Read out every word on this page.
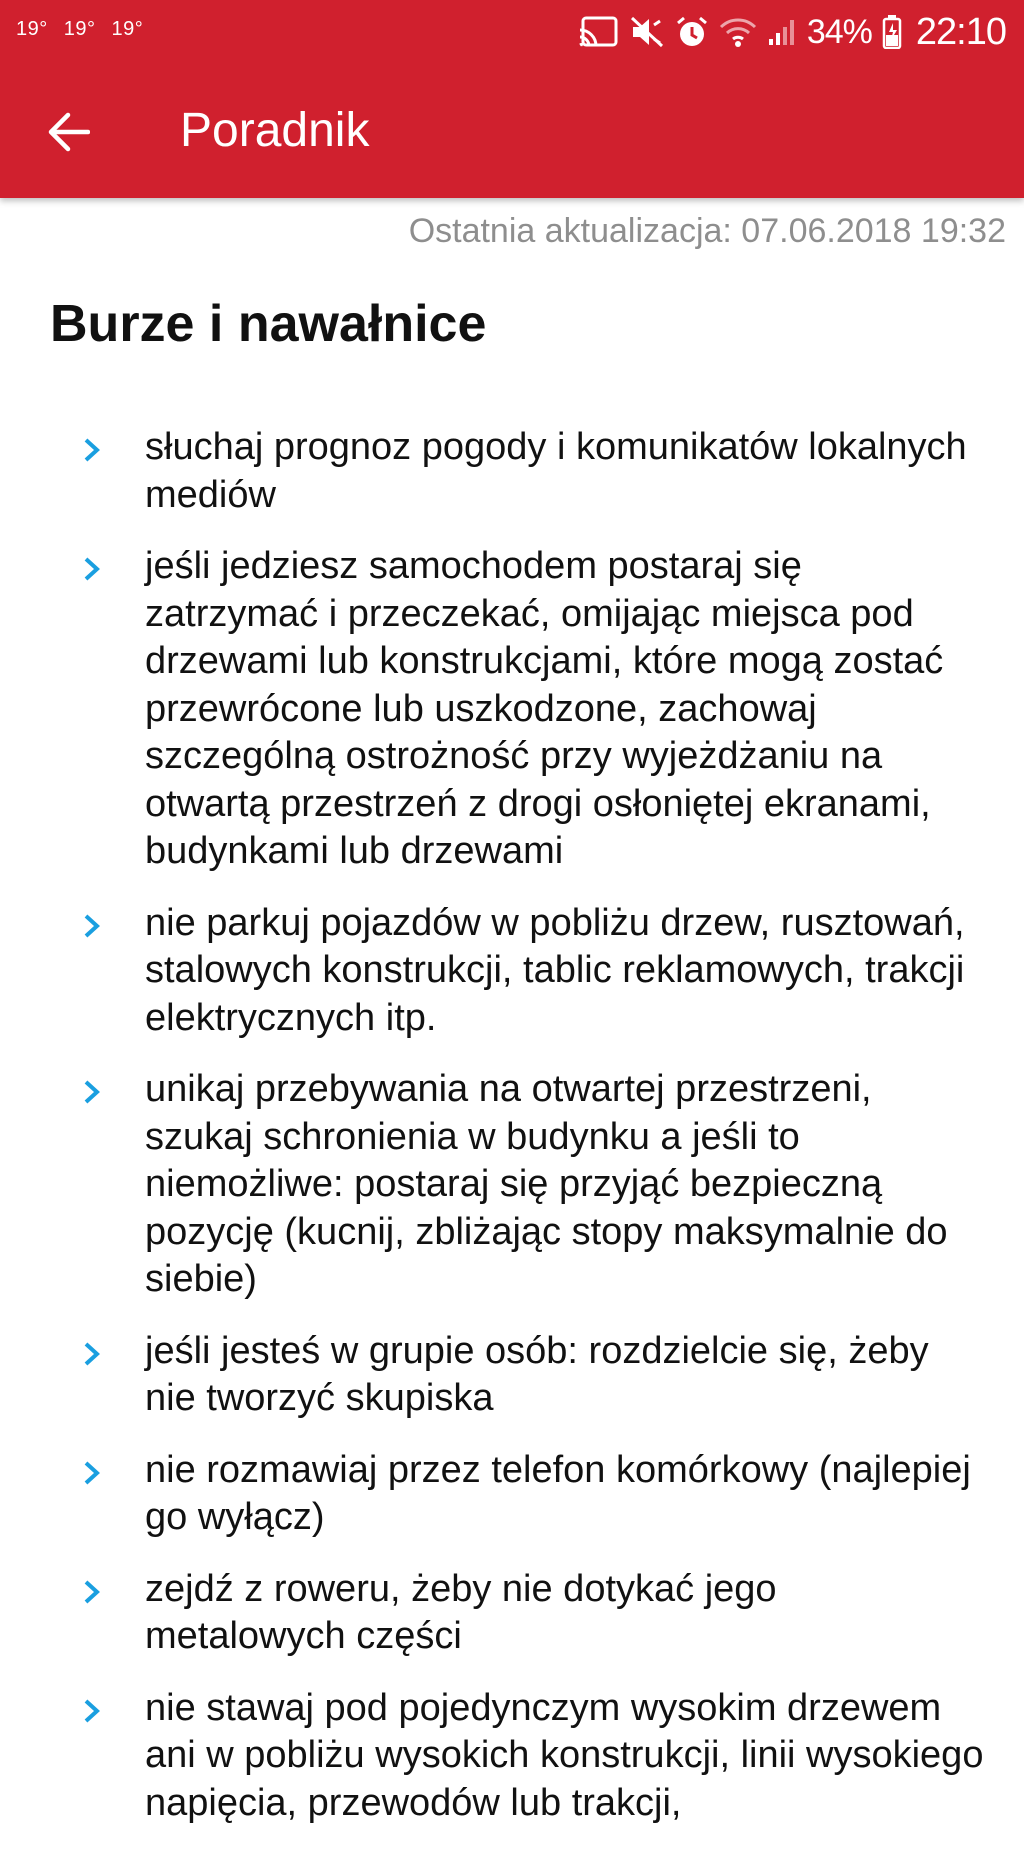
19° 19° 19°	34% 22:10
Poradnik
Ostatnia aktualizacja: 07.06.2018 19:32
Burze i nawałnice
słuchaj prognoz pogody i komunikatów lokalnych mediów
jeśli jedziesz samochodem postaraj się zatrzymać i przeczekać, omijając miejsca pod drzewami lub konstrukcjami, które mogą zostać przewrócone lub uszkodzone, zachowaj szczególną ostrożność przy wyjeżdżaniu na otwartą przestrzeń z drogi osłoniętej ekranami, budynkami lub drzewami
nie parkuj pojazdów w pobliżu drzew, rusztowań, stalowych konstrukcji, tablic reklamowych, trakcji elektrycznych itp.
unikaj przebywania na otwartej przestrzeni, szukaj schronienia w budynku a jeśli to niemożliwe: postaraj się przyjąć bezpieczną pozycję (kucnij, zbliżając stopy maksymalnie do siebie)
jeśli jesteś w grupie osób: rozdzielcie się, żeby nie tworzyć skupiska
nie rozmawiaj przez telefon komórkowy (najlepiej go wyłącz)
zejdź z roweru, żeby nie dotykać jego metalowych części
nie stawaj pod pojedynczym wysokim drzewem ani w pobliżu wysokich konstrukcji, linii wysokiego napięcia, przewodów lub trakcji,
